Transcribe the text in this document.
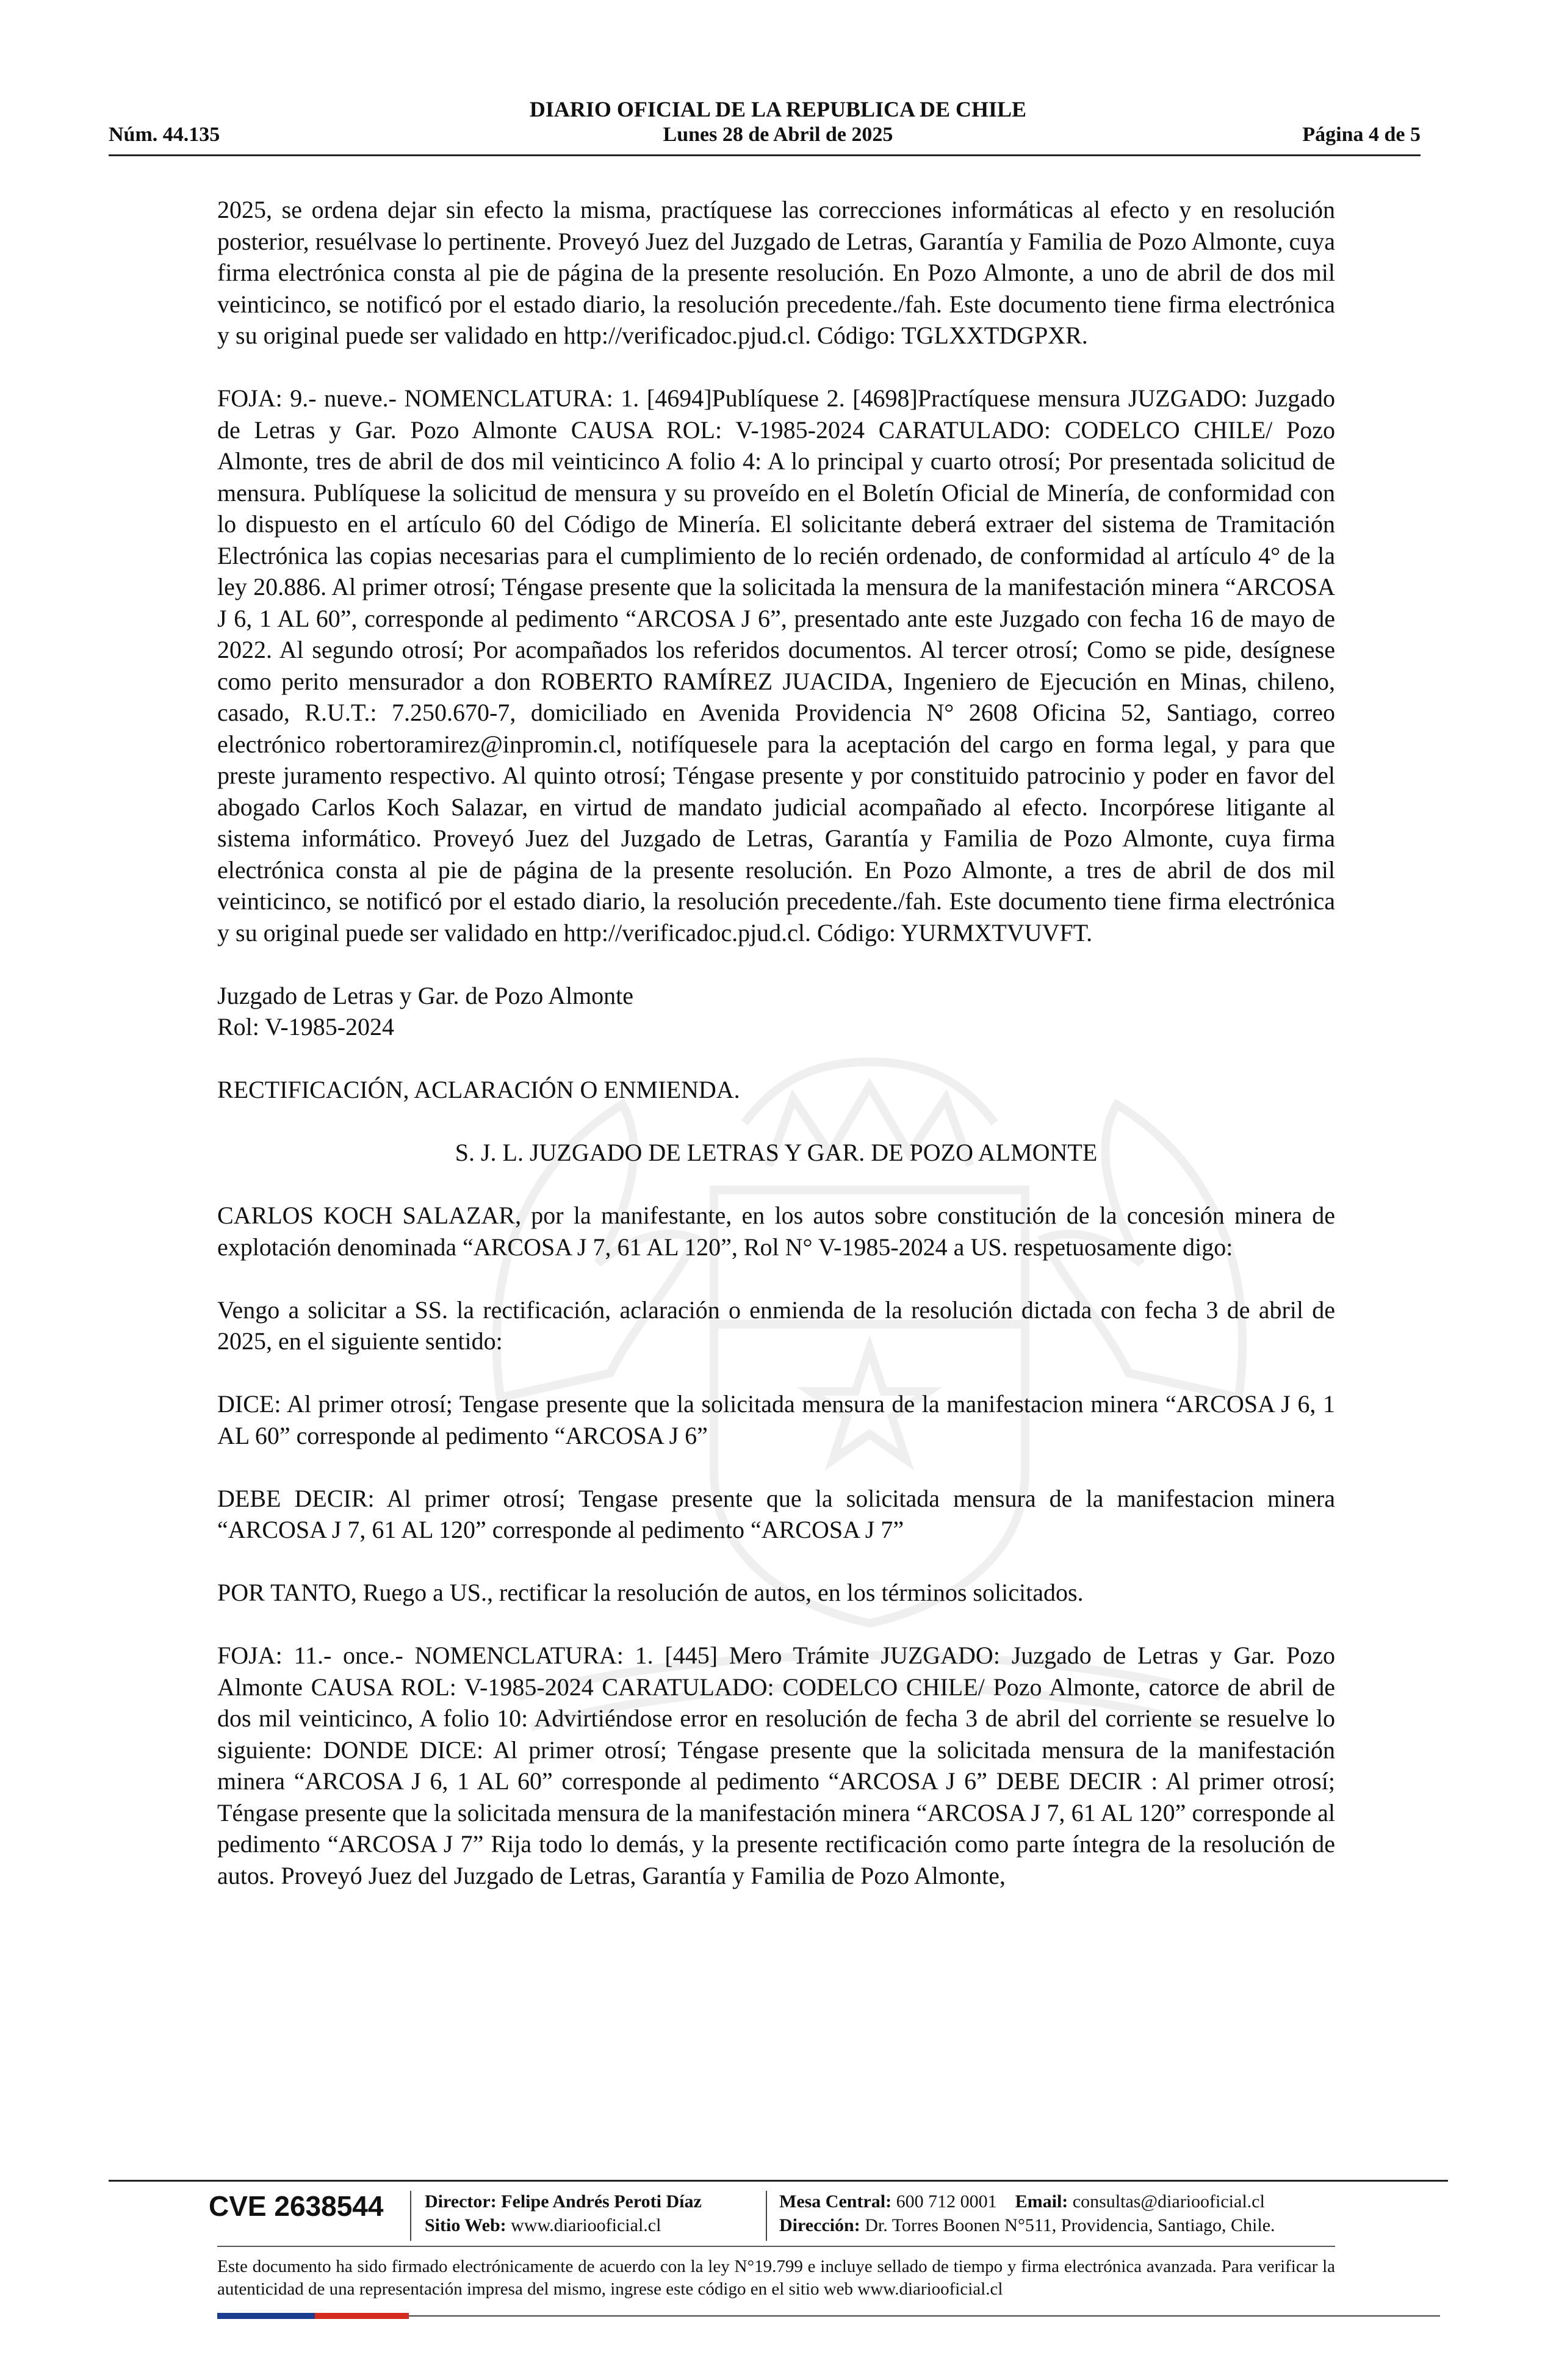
DIARIO OFICIAL DE LA REPUBLICA DE CHILE
Núm. 44.135	Lunes 28 de Abril de 2025	Página 4 de 5

2025, se ordena dejar sin efecto la misma, practíquese las correcciones informáticas al efecto y en resolución posterior, resuélvase lo pertinente. Proveyó Juez del Juzgado de Letras, Garantía y Familia de Pozo Almonte, cuya firma electrónica consta al pie de página de la presente resolución. En Pozo Almonte, a uno de abril de dos mil veinticinco, se notificó por el estado diario, la resolución precedente./fah. Este documento tiene firma electrónica y su original puede ser validado en http://verificadoc.pjud.cl. Código: TGLXXTDGPXR.

FOJA: 9.- nueve.- NOMENCLATURA: 1. [4694]Publíquese 2. [4698]Practíquese mensura JUZGADO: Juzgado de Letras y Gar. Pozo Almonte CAUSA ROL: V-1985-2024 CARATULADO: CODELCO CHILE/ Pozo Almonte, tres de abril de dos mil veinticinco A folio 4: A lo principal y cuarto otrosí; Por presentada solicitud de mensura. Publíquese la solicitud de mensura y su proveído en el Boletín Oficial de Minería, de conformidad con lo dispuesto en el artículo 60 del Código de Minería. El solicitante deberá extraer del sistema de Tramitación Electrónica las copias necesarias para el cumplimiento de lo recién ordenado, de conformidad al artículo 4° de la ley 20.886. Al primer otrosí; Téngase presente que la solicitada la mensura de la manifestación minera “ARCOSA J 6, 1 AL 60”, corresponde al pedimento “ARCOSA J 6”, presentado ante este Juzgado con fecha 16 de mayo de 2022. Al segundo otrosí; Por acompañados los referidos documentos. Al tercer otrosí; Como se pide, desígnese como perito mensurador a don ROBERTO RAMÍREZ JUACIDA, Ingeniero de Ejecución en Minas, chileno, casado, R.U.T.: 7.250.670-7, domiciliado en Avenida Providencia N° 2608 Oficina 52, Santiago, correo electrónico robertoramirez@inpromin.cl, notifíquesele para la aceptación del cargo en forma legal, y para que preste juramento respectivo. Al quinto otrosí; Téngase presente y por constituido patrocinio y poder en favor del abogado Carlos Koch Salazar, en virtud de mandato judicial acompañado al efecto. Incorpórese litigante al sistema informático. Proveyó Juez del Juzgado de Letras, Garantía y Familia de Pozo Almonte, cuya firma electrónica consta al pie de página de la presente resolución. En Pozo Almonte, a tres de abril de dos mil veinticinco, se notificó por el estado diario, la resolución precedente./fah. Este documento tiene firma electrónica y su original puede ser validado en http://verificadoc.pjud.cl. Código: YURMXTVUVFT.

Juzgado de Letras y Gar. de Pozo Almonte
Rol: V-1985-2024

RECTIFICACIÓN, ACLARACIÓN O ENMIENDA.

S. J. L. JUZGADO DE LETRAS Y GAR. DE POZO ALMONTE

CARLOS KOCH SALAZAR, por la manifestante, en los autos sobre constitución de la concesión minera de explotación denominada “ARCOSA J 7, 61 AL 120”, Rol N° V-1985-2024 a US. respetuosamente digo:

Vengo a solicitar a SS. la rectificación, aclaración o enmienda de la resolución dictada con fecha 3 de abril de 2025, en el siguiente sentido:

DICE: Al primer otrosí; Tengase presente que la solicitada mensura de la manifestacion minera “ARCOSA J 6, 1 AL 60” corresponde al pedimento “ARCOSA J 6”

DEBE DECIR: Al primer otrosí; Tengase presente que la solicitada mensura de la manifestacion minera “ARCOSA J 7, 61 AL 120” corresponde al pedimento “ARCOSA J 7”

POR TANTO, Ruego a US., rectificar la resolución de autos, en los términos solicitados.

FOJA: 11.- once.- NOMENCLATURA: 1. [445] Mero Trámite JUZGADO: Juzgado de Letras y Gar. Pozo Almonte CAUSA ROL: V-1985-2024 CARATULADO: CODELCO CHILE/ Pozo Almonte, catorce de abril de dos mil veinticinco, A folio 10: Advirtiéndose error en resolución de fecha 3 de abril del corriente se resuelve lo siguiente: DONDE DICE: Al primer otrosí; Téngase presente que la solicitada mensura de la manifestación minera “ARCOSA J 6, 1 AL 60” corresponde al pedimento “ARCOSA J 6” DEBE DECIR : Al primer otrosí; Téngase presente que la solicitada mensura de la manifestación minera “ARCOSA J 7, 61 AL 120” corresponde al pedimento “ARCOSA J 7” Rija todo lo demás, y la presente rectificación como parte íntegra de la resolución de autos. Proveyó Juez del Juzgado de Letras, Garantía y Familia de Pozo Almonte,

CVE 2638544 Director: Felipe Andrés Peroti Díaz
Sitio Web: www.diariooficial.cl
Mesa Central: 600 712 0001 Email: consultas@diariooficial.cl
Dirección: Dr. Torres Boonen N°511, Providencia, Santiago, Chile.
Este documento ha sido firmado electrónicamente de acuerdo con la ley N°19.799 e incluye sellado de tiempo y firma electrónica avanzada. Para verificar la autenticidad de una representación impresa del mismo, ingrese este código en el sitio web www.diariooficial.cl
